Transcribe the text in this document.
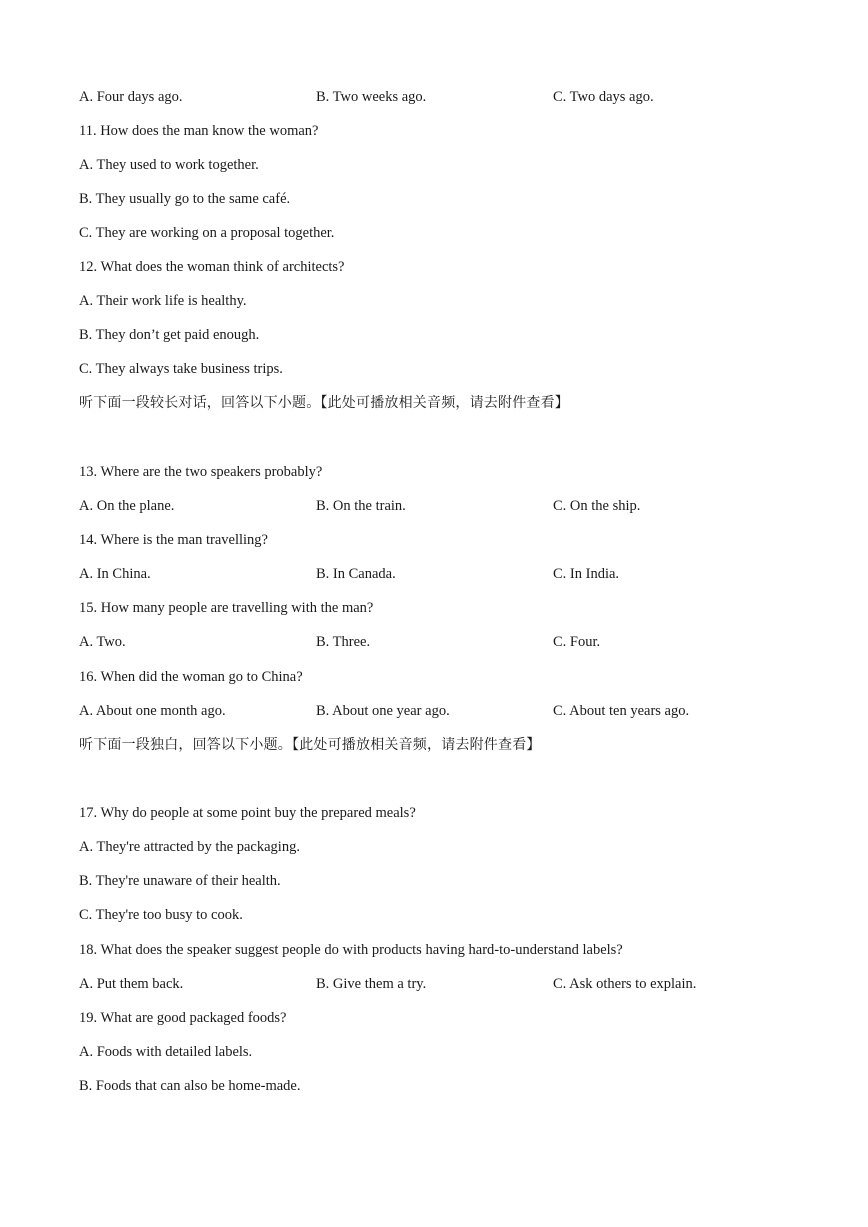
A. Four days ago.	B. Two weeks ago.	C. Two days ago.
11. How does the man know the woman?
A. They used to work together.
B. They usually go to the same café.
C. They are working on a proposal together.
12. What does the woman think of architects?
A. Their work life is healthy.
B. They don’t get paid enough.
C. They always take business trips.
听下面一段较长对话，回答以下小题。【此处可播放相关音频，请去附件查看】
13. Where are the two speakers probably?
A. On the plane.	B. On the train.	C. On the ship.
14. Where is the man travelling?
A. In China.	B. In Canada.	C. In India.
15. How many people are travelling with the man?
A. Two.	B. Three.	C. Four.
16. When did the woman go to China?
A. About one month ago.	B. About one year ago.	C. About ten years ago.
听下面一段独白，回答以下小题。【此处可播放相关音频，请去附件查看】
17. Why do people at some point buy the prepared meals?
A. They're attracted by the packaging.
B. They're unaware of their health.
C. They're too busy to cook.
18. What does the speaker suggest people do with products having hard-to-understand labels?
A. Put them back.	B. Give them a try.	C. Ask others to explain.
19. What are good packaged foods?
A. Foods with detailed labels.
B. Foods that can also be home-made.
